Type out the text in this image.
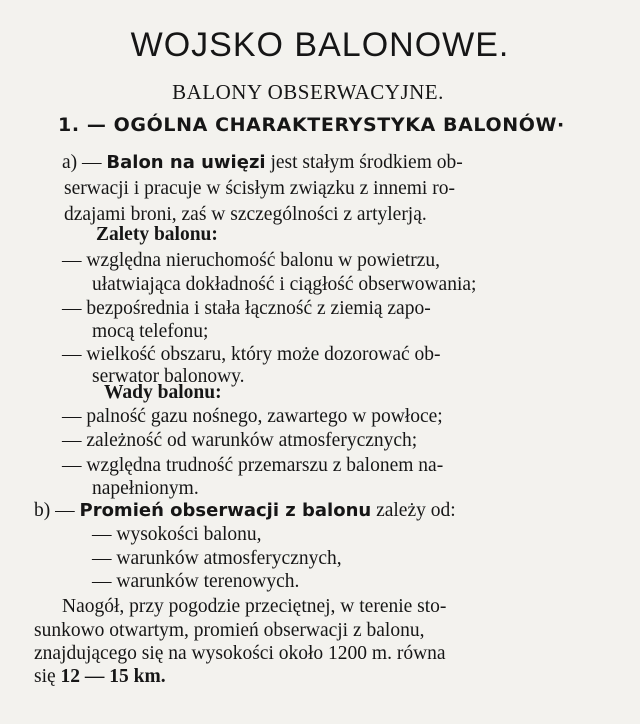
WOJSKO BALONOWE.
BALONY OBSERWACYJNE.
1. — OGÓLNA CHARAKTERYSTYKA BALONÓW·
a) — Balon na uwięzi jest stałym środkiem ob-
serwacji i pracuje w ścisłym związku z innemi ro-
dzajami broni, zaś w szczególności z artylerją.
Zalety balonu:
— względna nieruchomość balonu w powietrzu,
ułatwiająca dokładność i ciągłość obserwowania;
— bezpośrednia i stała łączność z ziemią zapo-
mocą telefonu;
— wielkość obszaru, który może dozorować ob-
serwator balonowy.
Wady balonu:
— palność gazu nośnego, zawartego w powłoce;
— zależność od warunków atmosferycznych;
— względna trudność przemarszu z balonem na-
napełnionym.
b) — Promień obserwacji z balonu zależy od:
— wysokości balonu,
— warunków atmosferycznych,
— warunków terenowych.
Naogół, przy pogodzie przeciętnej, w terenie sto-
sunkowo otwartym, promień obserwacji z balonu,
znajdującego się na wysokości około 1200 m. równa
się 12 — 15 km.
